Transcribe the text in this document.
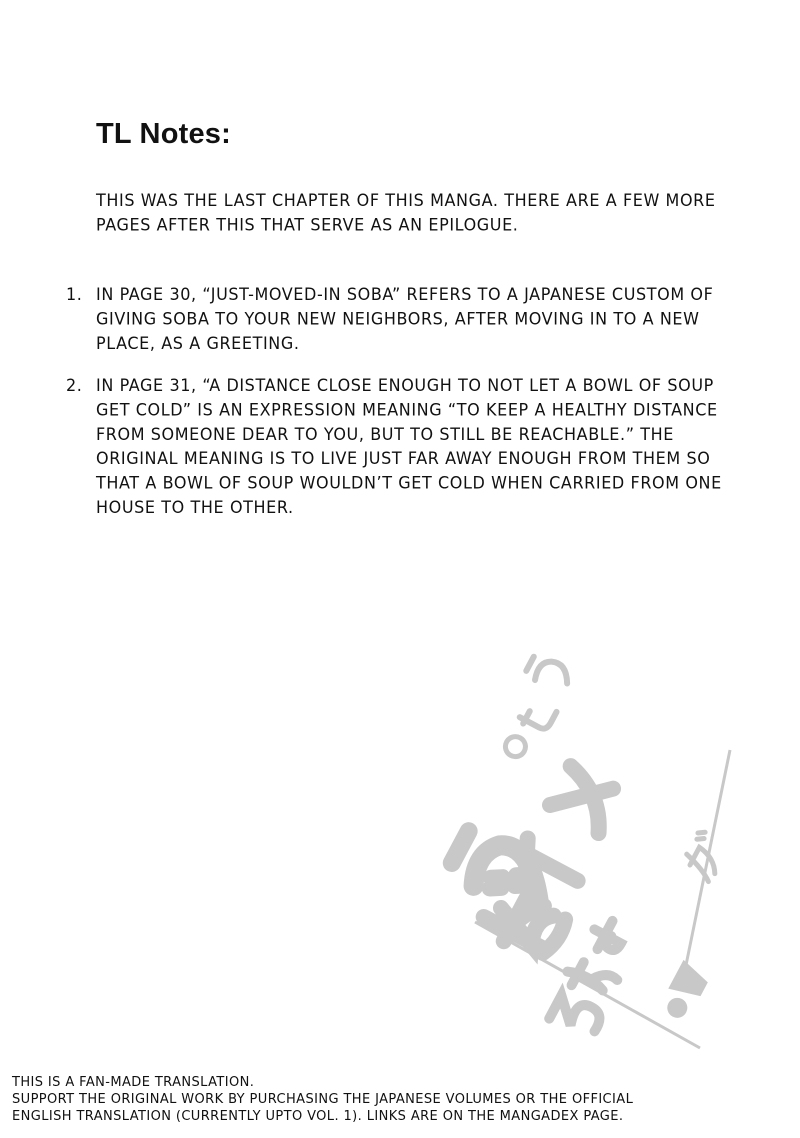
TL Notes:

THIS WAS THE LAST CHAPTER OF THIS MANGA. THERE ARE A FEW MORE PAGES AFTER THIS THAT SERVE AS AN EPILOGUE.

1. IN PAGE 30, “JUST-MOVED-IN SOBA” REFERS TO A JAPANESE CUSTOM OF GIVING SOBA TO YOUR NEW NEIGHBORS, AFTER MOVING IN TO A NEW PLACE, AS A GREETING.
2. IN PAGE 31, “A DISTANCE CLOSE ENOUGH TO NOT LET A BOWL OF SOUP GET COLD” IS AN EXPRESSION MEANING “TO KEEP A HEALTHY DISTANCE FROM SOMEONE DEAR TO YOU, BUT TO STILL BE REACHABLE.” THE ORIGINAL MEANING IS TO LIVE JUST FAR AWAY ENOUGH FROM THEM SO THAT A BOWL OF SOUP WOULDN’T GET COLD WHEN CARRIED FROM ONE HOUSE TO THE OTHER.
THIS IS A FAN-MADE TRANSLATION.
SUPPORT THE ORIGINAL WORK BY PURCHASING THE JAPANESE VOLUMES OR THE OFFICIAL
ENGLISH TRANSLATION (CURRENTLY UPTO VOL. 1). LINKS ARE ON THE MANGADEX PAGE.
